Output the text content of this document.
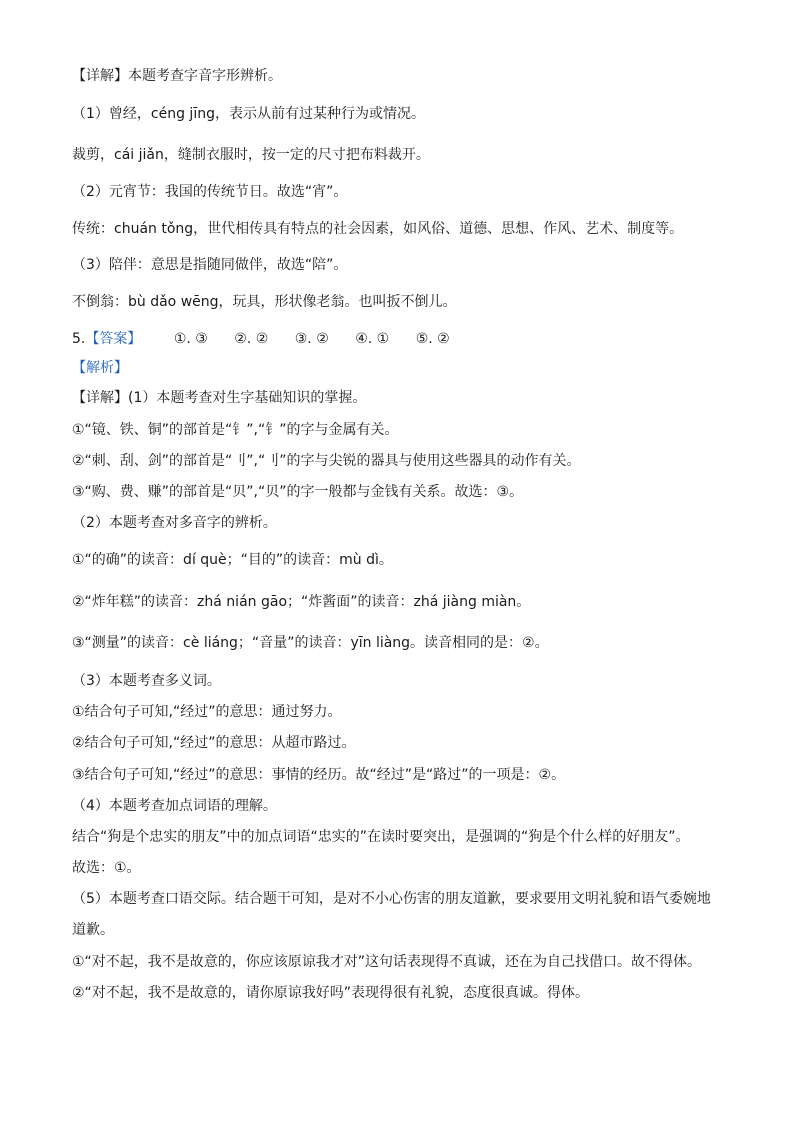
【详解】本题考查字音字形辨析。
（1）曾经，céng jīng，表示从前有过某种行为或情况。
裁剪，cái jiǎn，缝制衣服时，按一定的尺寸把布料裁开。
（2）元宵节：我国的传统节日。故选“宵”。
传统：chuán tǒng，世代相传具有特点的社会因素，如风俗、道德、思想、作风、艺术、制度等。
（3）陪伴：意思是指随同做伴，故选“陪”。
不倒翁：bù dǎo wēng，玩具，形状像老翁。也叫扳不倒儿。
5.【答案】 ①. ③ ②. ② ③. ② ④. ① ⑤. ②
【解析】
【详解】(1）本题考查对生字基础知识的掌握。
①“镜、铁、铜”的部首是“钅”,“钅”的字与金属有关。
②“刺、刮、剑”的部首是“刂”,“刂”的字与尖锐的器具与使用这些器具的动作有关。
③“购、费、赚”的部首是“贝”,“贝”的字一般都与金钱有关系。故选：③。
（2）本题考查对多音字的辨析。
①“的确”的读音：dí què；“目的”的读音：mù dì。
②“炸年糕”的读音：zhá nián gāo；“炸酱面”的读音：zhá jiàng miàn。
③“测量”的读音：cè liáng；“音量”的读音：yīn liàng。读音相同的是：②。
（3）本题考查多义词。
①结合句子可知,“经过”的意思：通过努力。
②结合句子可知,“经过”的意思：从超市路过。
③结合句子可知,“经过”的意思：事情的经历。故“经过”是“路过”的一项是：②。
（4）本题考查加点词语的理解。
结合“狗是个忠实的朋友”中的加点词语“忠实的”在读时要突出，是强调的“狗是个什么样的好朋友”。
故选：①。
（5）本题考查口语交际。结合题干可知，是对不小心伤害的朋友道歉，要求要用文明礼貌和语气委婉地
道歉。
①“对不起，我不是故意的，你应该原谅我才对”这句话表现得不真诚，还在为自己找借口。故不得体。
②“对不起，我不是故意的，请你原谅我好吗”表现得很有礼貌，态度很真诚。得体。
